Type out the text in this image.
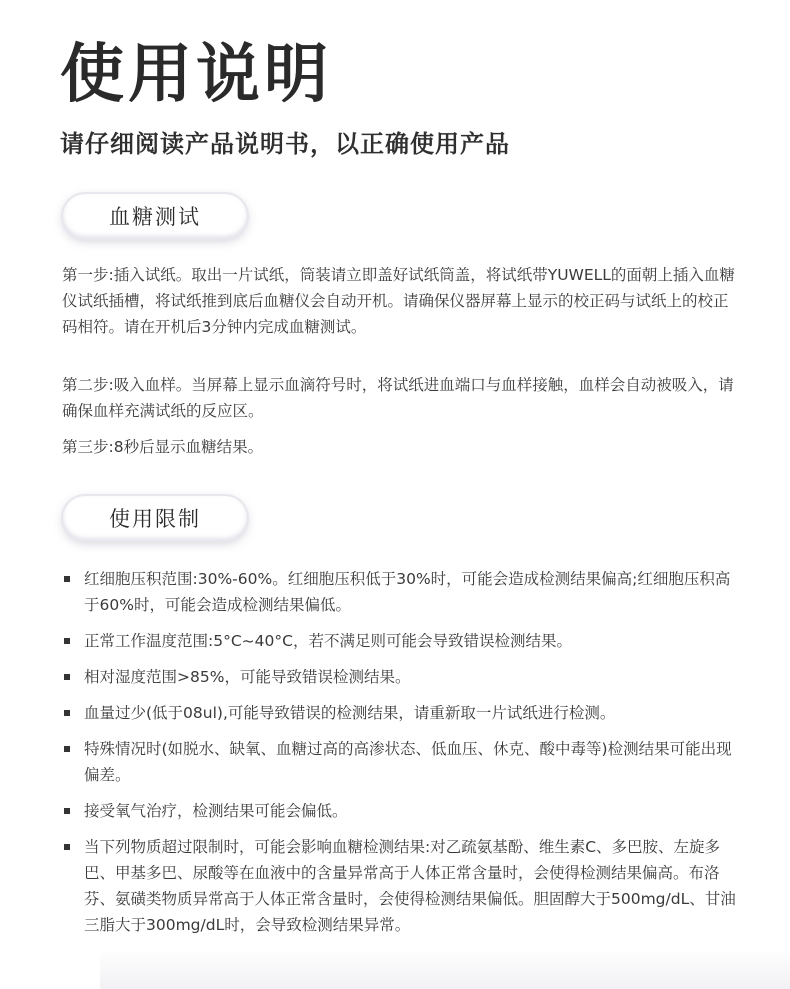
使用说明

请仔细阅读产品说明书，以正确使用产品

血糖测试

第一步:插入试纸。取出一片试纸，筒装请立即盖好试纸筒盖，将试纸带YUWELL的面朝上插入血糖仪试纸插槽，将试纸推到底后血糖仪会自动开机。请确保仪器屏幕上显示的校正码与试纸上的校正码相符。请在开机后3分钟内完成血糖测试。

第二步:吸入血样。当屏幕上显示血滴符号时，将试纸进血端口与血样接触，血样会自动被吸入，请确保血样充满试纸的反应区。

第三步:8秒后显示血糖结果。

使用限制
红细胞压积范围:30%-60%。红细胞压积低于30%时，可能会造成检测结果偏高;红细胞压积高于60%时，可能会造成检测结果偏低。
正常工作温度范围:5°C~40°C，若不满足则可能会导致错误检测结果。
相对湿度范围>85%，可能导致错误检测结果。
血量过少(低于08ul),可能导致错误的检测结果，请重新取一片试纸进行检测。
特殊情况时(如脱水、缺氧、血糖过高的高渗状态、低血压、休克、酸中毒等)检测结果可能出现偏差。
接受氧气治疗，检测结果可能会偏低。
当下列物质超过限制时，可能会影响血糖检测结果:对乙疏氨基酚、维生素C、多巴胺、左旋多巴、甲基多巴、尿酸等在血液中的含量异常高于人体正常含量时，会使得检测结果偏高。布洛芬、氨磺类物质异常高于人体正常含量时，会使得检测结果偏低。胆固醇大于500mg/dL、甘油三脂大于300mg/dL时，会导致检测结果异常。
